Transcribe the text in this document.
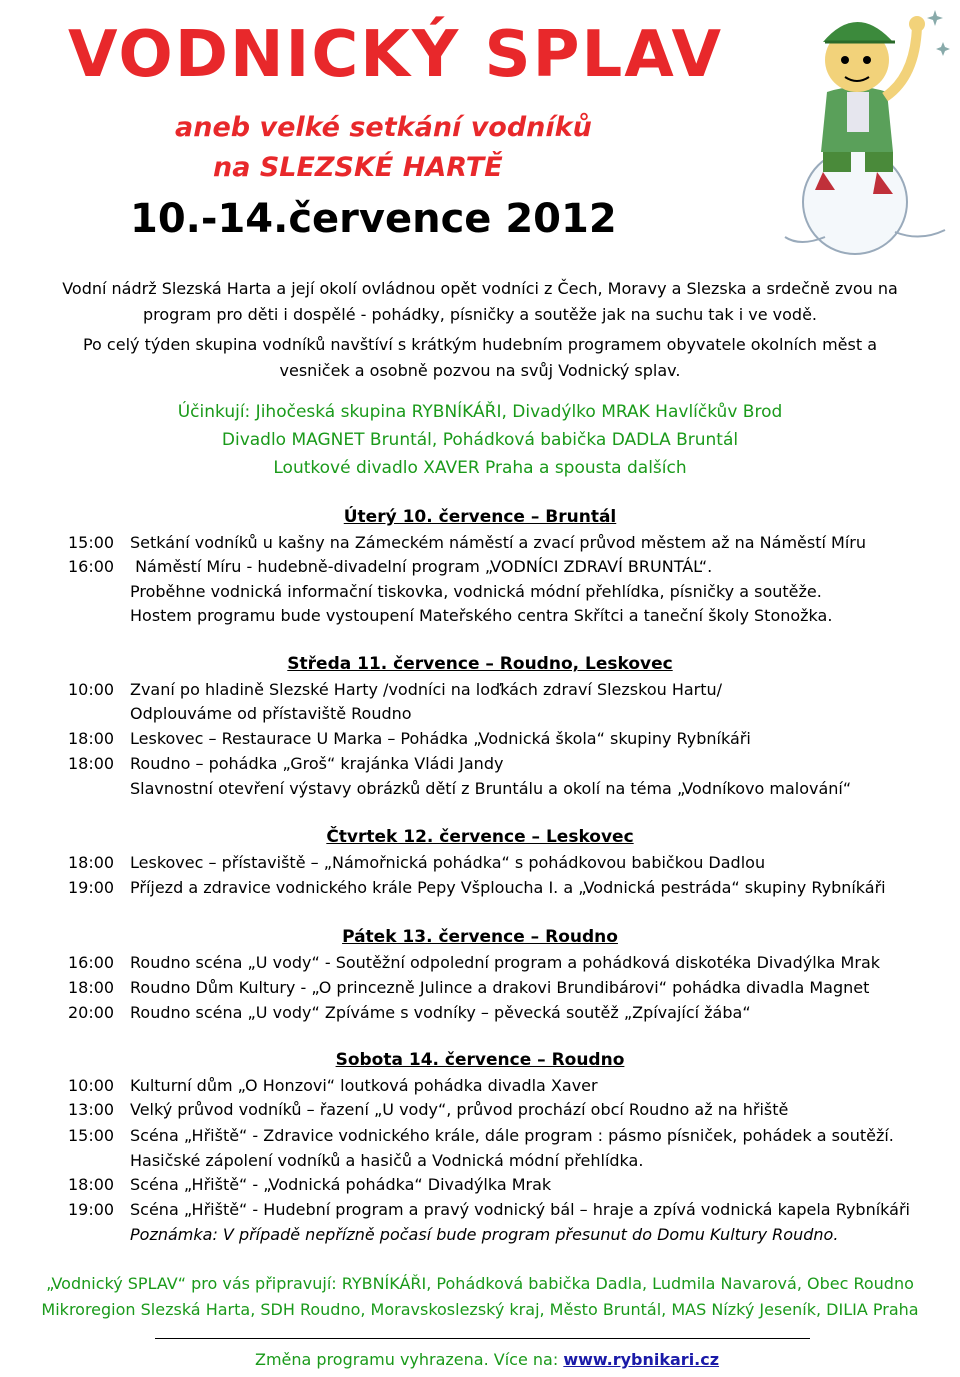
VODNICKÝ SPLAV
aneb velké setkání vodníků
na SLEZSKÉ HARTĚ
10.-14.července 2012
Vodní nádrž Slezská Harta a její okolí ovládnou opět vodníci z Čech, Moravy a Slezska a srdečně zvou na
program pro děti i dospělé - pohádky, písničky a soutěže jak na suchu tak i ve vodě.
Po celý týden skupina vodníků navštíví s krátkým hudebním programem obyvatele okolních měst a
vesniček a osobně pozvou na svůj Vodnický splav.
Účinkují: Jihočeská skupina RYBNÍKÁŘI, Divadýlko MRAK Havlíčkův Brod
Divadlo MAGNET Bruntál, Pohádková babička DADLA Bruntál
Loutkové divadlo XAVER Praha a spousta dalších
Úterý 10. července – Bruntál
15:00 Setkání vodníků u kašny na Zámeckém náměstí a zvací průvod městem až na Náměstí Míru
16:00 Náměstí Míru - hudebně-divadelní program „VODNÍCI ZDRAVÍ BRUNTÁL“.
Proběhne vodnická informační tiskovka, vodnická módní přehlídka, písničky a soutěže.
Hostem programu bude vystoupení Mateřského centra Skřítci a taneční školy Stonožka.
Středa 11. července – Roudno, Leskovec
10:00 Zvaní po hladině Slezské Harty /vodníci na loďkách zdraví Slezskou Hartu/
Odplouváme od přístaviště Roudno
18:00 Leskovec – Restaurace U Marka – Pohádka „Vodnická škola“ skupiny Rybníkáři
18:00 Roudno – pohádka „Groš“ krajánka Vládi Jandy
Slavnostní otevření výstavy obrázků dětí z Bruntálu a okolí na téma „Vodníkovo malování“
Čtvrtek 12. července – Leskovec
18:00 Leskovec – přístaviště – „Námořnická pohádka“ s pohádkovou babičkou Dadlou
19:00 Příjezd a zdravice vodnického krále Pepy Všploucha I. a „Vodnická pestráda“ skupiny Rybníkáři
Pátek 13. července – Roudno
16:00 Roudno scéna „U vody“ - Soutěžní odpolední program a pohádková diskotéka Divadýlka Mrak
18:00 Roudno Dům Kultury - „O princezně Julince a drakovi Brundibárovi“ pohádka divadla Magnet
20:00 Roudno scéna „U vody“ Zpíváme s vodníky – pěvecká soutěž „Zpívající žába“
Sobota 14. července – Roudno
10:00 Kulturní dům „O Honzovi“ loutková pohádka divadla Xaver
13:00 Velký průvod vodníků – řazení „U vody“, průvod prochází obcí Roudno až na hřiště
15:00 Scéna „Hřiště“ - Zdravice vodnického krále, dále program : pásmo písniček, pohádek a soutěží.
Hasičské zápolení vodníků a hasičů a Vodnická módní přehlídka.
18:00 Scéna „Hřiště“ - „Vodnická pohádka“ Divadýlka Mrak
19:00 Scéna „Hřiště“ - Hudební program a pravý vodnický bál – hraje a zpívá vodnická kapela Rybníkáři
Poznámka: V případě nepřízně počasí bude program přesunut do Domu Kultury Roudno.
„Vodnický SPLAV“ pro vás připravují: RYBNÍKÁŘI, Pohádková babička Dadla, Ludmila Navarová, Obec Roudno
Mikroregion Slezská Harta, SDH Roudno, Moravskoslezský kraj, Město Bruntál, MAS Nízký Jeseník, DILIA Praha
Změna programu vyhrazena. Více na: www.rybnikari.cz
